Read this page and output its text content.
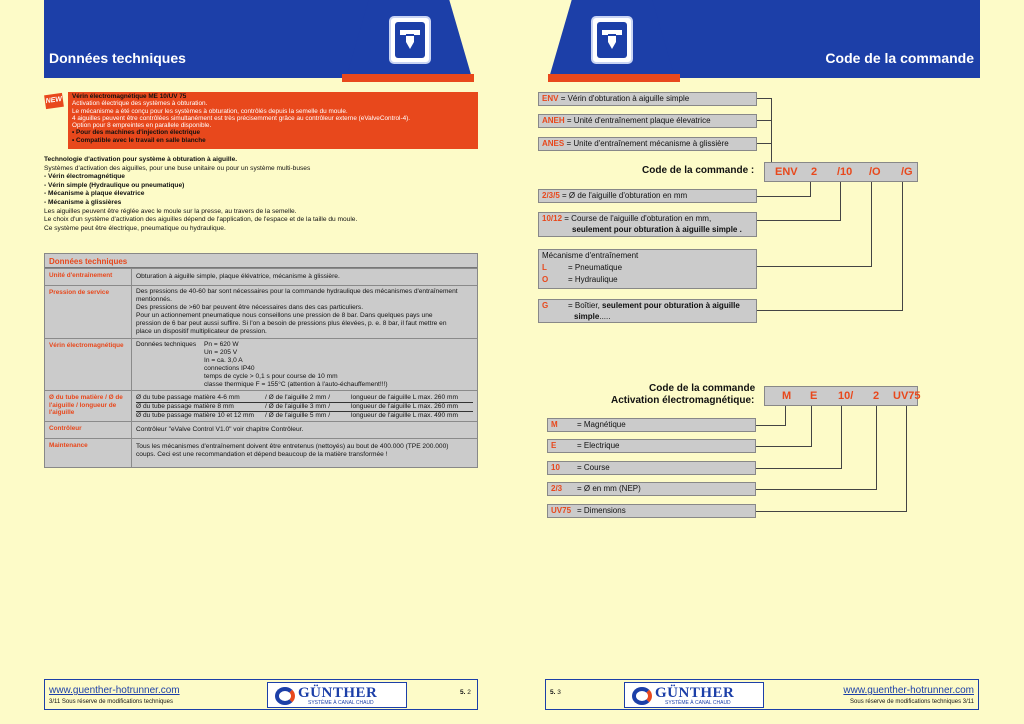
Données techniques	Code de la commande
NEW Vérin électromagnétique ME 10/UV 75
Activation électrique des systèmes à obturation.
Le mécanisme a été conçu pour les systèmes à obturation, contrôlés depuis la semelle du moule.
4 aiguilles peuvent être contrôlées simultanément est très précisemment grâce au contrôleur externe (eValveControl-4).
Option pour 8 empreintes en parallele disponible.
• Pour des machines d'injection électrique
• Compatible avec le travail en salle blanche
Technologie d'activation pour système à obturation à aiguille.
Systèmes d'activation des aiguilles, pour une buse unitaire ou pour un système multi-buses
- Vérin électromagnétique
- Vérin simple (Hydraulique ou pneumatique)
- Mécanisme à plaque élevatrice
- Mécanisme à glissières
Les aiguilles peuvent être réglée avec le moule sur la presse, au travers de la semelle.
Le choix d'un système d'activation des aiguilles dépend de l'application, de l'espace et de la taille du moule.
Ce système peut être électrique, pneumatique ou hydraulique.
Données techniques
Unité d'entraînement	Obturation à aiguille simple, plaque élévatrice, mécanisme à glissière.
Pression de service	Des pressions de 40-60 bar sont nécessaires pour la commande hydraulique des mécanismes d'entraînement
mentionnés.
Des pressions de >60 bar peuvent être nécessaires dans des cas particuliers.
Pour un actionnement pneumatique nous conseillons une pression de 8 bar. Dans quelques pays une
pression de 6 bar peut aussi suffire. Si l'on a besoin de pressions plus élevées, p. e. 8 bar, il faut mettre en
place un dispositif multiplicateur de pression.
Vérin électromagnétique	Données techniques Pn = 620 W
Un = 205 V
In = ca. 3,0 A
connections IP40
temps de cycle > 0,1 s pour course de 10 mm
classe thermique F = 155°C (attention à l'auto-échauffement!!!)
Ø du tube matière / Ø de l'aiguille / longueur de l'aiguille
Ø du tube passage matière 4-6 mm	/ Ø de l'aiguille 2 mm /	longueur de l'aiguille L max. 260 mm
Ø du tube passage matière 8 mm	/ Ø de l'aiguille 3 mm /	longueur de l'aiguille L max. 260 mm
Ø du tube passage matière 10 et 12 mm / Ø de l'aiguille 5 mm /	longueur de l'aiguille L max. 490 mm
Contrôleur	Contrôleur "eValve Control V1.0" voir chapitre Contrôleur.
Maintenance	Tous les mécanismes d'entraînement doivent être entretenus (nettoyés) au bout de 400.000 (TPE 200.000)
coups. Ceci est une recommandation et dépend beaucoup de la matière transformée !
ENV = Vérin d'obturation à aiguille simple
ANEH = Unité d'entraînement plaque élevatrice
ANES = Unite d'entraînement mécanisme à glissière
Code de la commande : ENV 2 /10 /O /G
2/3/5 = Ø de l'aiguille d'obturation en mm
10/12 = Course de l'aiguille d'obturation en mm,
seulement pour obturation à aiguille simple .
Mécanisme d'entraînement
L	= Pneumatique
O = Hydraulique
G = Boîtier, seulement pour obturation à aiguille
simple.....
Code de la commande
Activation électromagnétique:	M E 10/ 2 UV75
M = Magnétique
E	= Electrique
10 = Course
2/3 = Ø en mm (NEP)
UV75 = Dimensions
www.guenther-hotrunner.com
3/11 Sous réserve de modifications techniques
GÜNTHER
SYSTÈME À CANAL CHAUD
5. 2	www.guenther-hotrunner.com
Sous réserve de modifications techniques 3/11
GÜNTHER
SYSTÈME À CANAL CHAUD
5. 3
